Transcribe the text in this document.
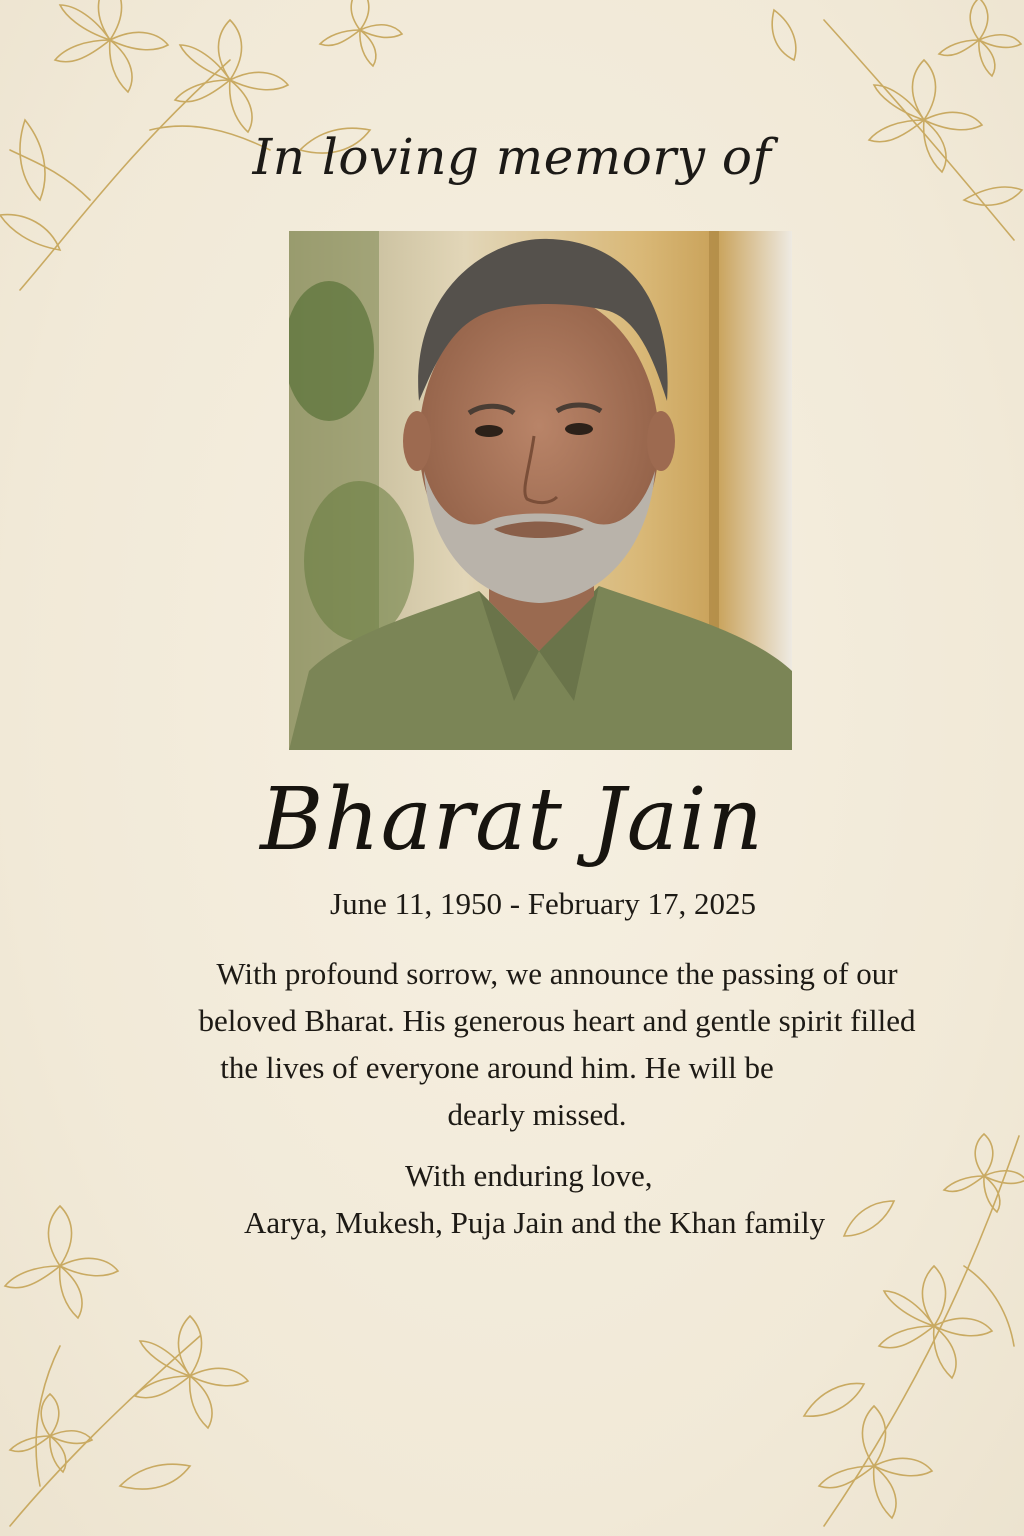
In loving memory of
Bharat Jain
June 11, 1950 - February 17, 2025
With profound sorrow, we announce the passing of our
beloved Bharat. His generous heart and gentle spirit filled
the lives of everyone around him. He will be
dearly missed.
With enduring love,
Aarya, Mukesh, Puja Jain and the Khan family
